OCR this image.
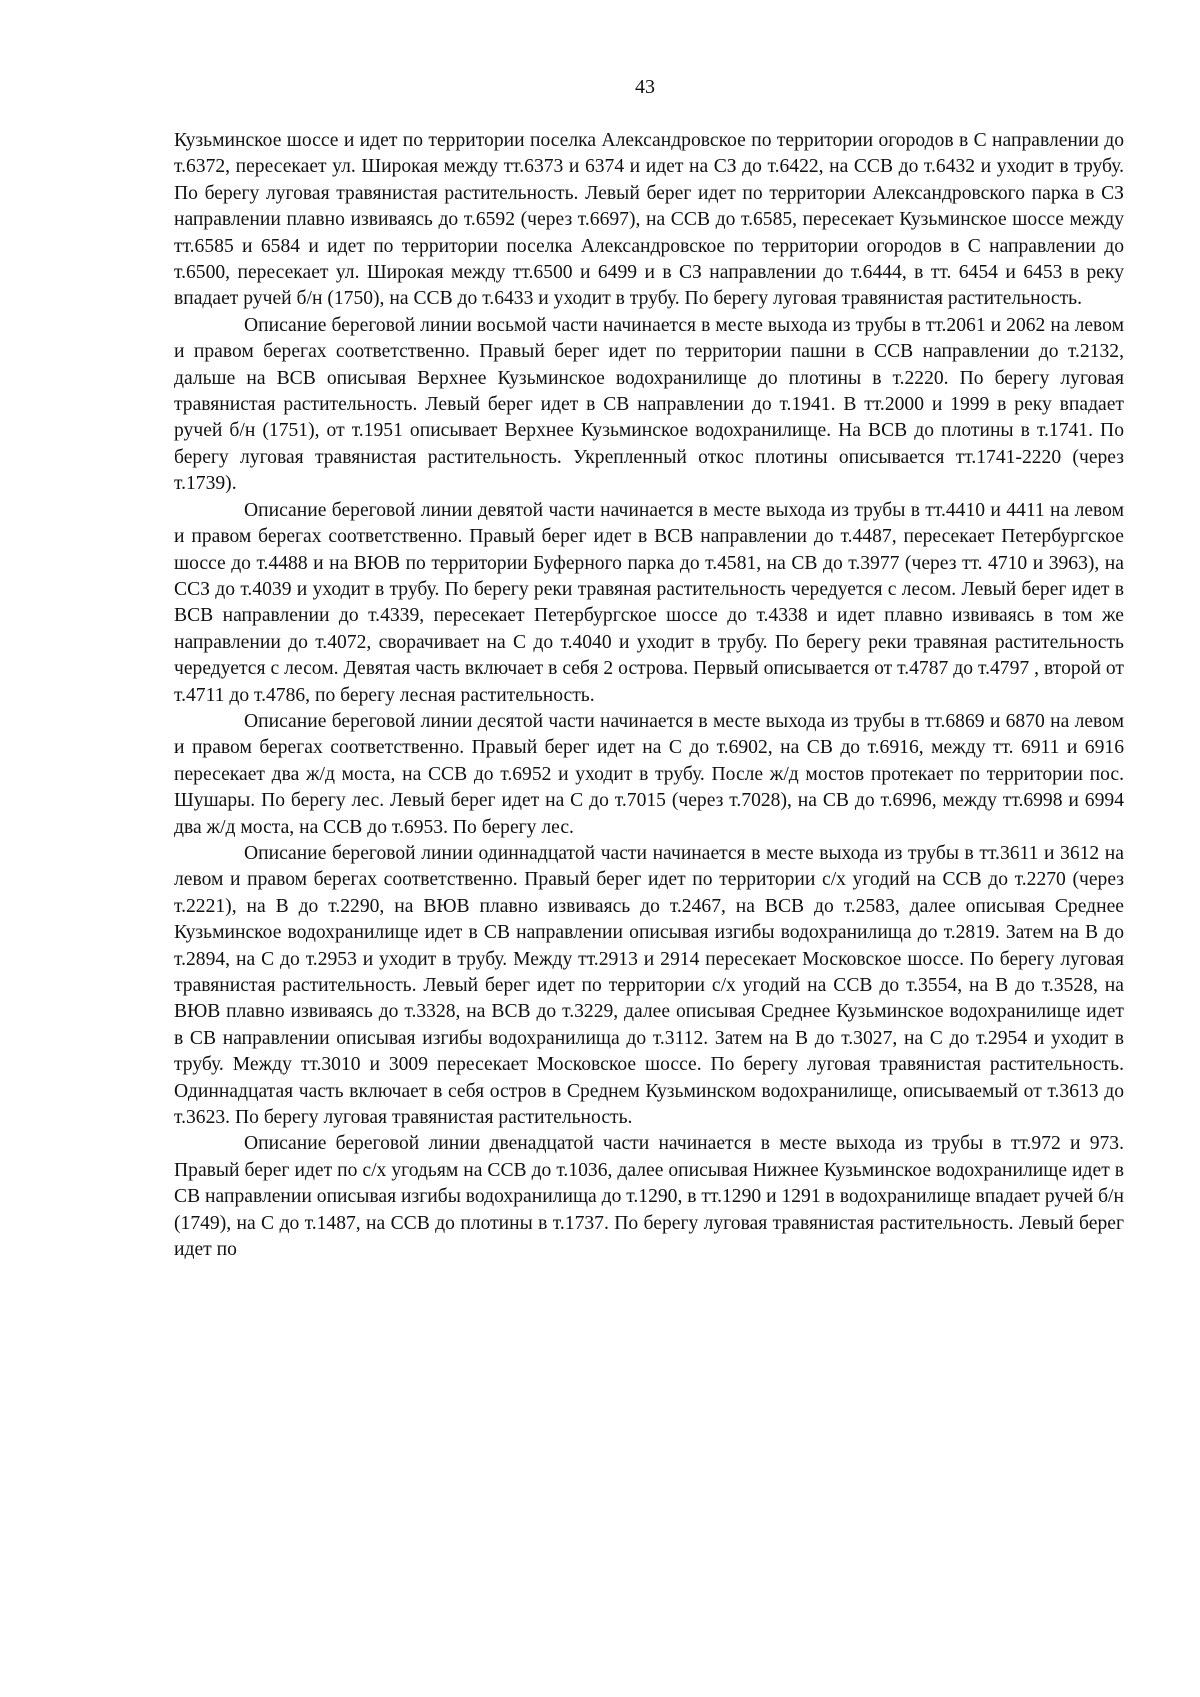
43

Кузьминское шоссе и идет по территории поселка Александровское по территории огородов в С направлении до т.6372, пересекает ул. Широкая между тт.6373 и 6374 и идет на СЗ до т.6422, на ССВ до т.6432 и уходит в трубу. По берегу луговая травянистая растительность. Левый берег идет по территории Александровского парка в СЗ направлении плавно извиваясь до т.6592 (через т.6697), на ССВ до т.6585, пересекает Кузьминское шоссе между тт.6585 и 6584 и идет по территории поселка Александровское по территории огородов в С направлении до т.6500, пересекает ул. Широкая между тт.6500 и 6499 и в СЗ направлении до т.6444, в тт. 6454 и 6453 в реку впадает ручей б/н (1750), на ССВ до т.6433 и уходит в трубу. По берегу луговая травянистая растительность.

Описание береговой линии восьмой части начинается в месте выхода из трубы в тт.2061 и 2062 на левом и правом берегах соответственно. Правый берег идет по территории пашни в ССВ направлении до т.2132, дальше на ВСВ описывая Верхнее Кузьминское водохранилище до плотины в т.2220. По берегу луговая травянистая растительность. Левый берег идет в СВ направлении до т.1941. В тт.2000 и 1999 в реку впадает ручей б/н (1751), от т.1951 описывает Верхнее Кузьминское водохранилище. На ВСВ до плотины в т.1741. По берегу луговая травянистая растительность. Укрепленный откос плотины описывается тт.1741-2220 (через т.1739).

Описание береговой линии девятой части начинается в месте выхода из трубы в тт.4410 и 4411 на левом и правом берегах соответственно. Правый берег идет в ВСВ направлении до т.4487, пересекает Петербургское шоссе до т.4488 и на ВЮВ по территории Буферного парка до т.4581, на СВ до т.3977 (через тт. 4710 и 3963), на ССЗ до т.4039 и уходит в трубу. По берегу реки травяная растительность чередуется с лесом. Левый берег идет в ВСВ направлении до т.4339, пересекает Петербургское шоссе до т.4338 и идет плавно извиваясь в том же направлении до т.4072, сворачивает на С до т.4040 и уходит в трубу. По берегу реки травяная растительность чередуется с лесом. Девятая часть включает в себя 2 острова. Первый описывается от т.4787 до т.4797 , второй от т.4711 до т.4786, по берегу лесная растительность.

Описание береговой линии десятой части начинается в месте выхода из трубы в тт.6869 и 6870 на левом и правом берегах соответственно. Правый берег идет на С до т.6902, на СВ до т.6916, между тт. 6911 и 6916 пересекает два ж/д моста, на ССВ до т.6952 и уходит в трубу. После ж/д мостов протекает по территории пос. Шушары. По берегу лес. Левый берег идет на С до т.7015 (через т.7028), на СВ до т.6996, между тт.6998 и 6994 два ж/д моста, на ССВ до т.6953. По берегу лес.

Описание береговой линии одиннадцатой части начинается в месте выхода из трубы в тт.3611 и 3612 на левом и правом берегах соответственно. Правый берег идет по территории с/х угодий на ССВ до т.2270 (через т.2221), на В до т.2290, на ВЮВ плавно извиваясь до т.2467, на ВСВ до т.2583, далее описывая Среднее Кузьминское водохранилище идет в СВ направлении описывая изгибы водохранилища до т.2819. Затем на В до т.2894, на С до т.2953 и уходит в трубу. Между тт.2913 и 2914 пересекает Московское шоссе. По берегу луговая травянистая растительность. Левый берег идет по территории с/х угодий на ССВ до т.3554, на В до т.3528, на ВЮВ плавно извиваясь до т.3328, на ВСВ до т.3229, далее описывая Среднее Кузьминское водохранилище идет в СВ направлении описывая изгибы водохранилища до т.3112. Затем на В до т.3027, на С до т.2954 и уходит в трубу. Между тт.3010 и 3009 пересекает Московское шоссе. По берегу луговая травянистая растительность. Одиннадцатая часть включает в себя остров в Среднем Кузьминском водохранилище, описываемый от т.3613 до т.3623. По берегу луговая травянистая растительность.

Описание береговой линии двенадцатой части начинается в месте выхода из трубы в тт.972 и 973. Правый берег идет по с/х угодьям на ССВ до т.1036, далее описывая Нижнее Кузьминское водохранилище идет в СВ направлении описывая изгибы водохранилища до т.1290, в тт.1290 и 1291 в водохранилище впадает ручей б/н (1749), на С до т.1487, на ССВ до плотины в т.1737. По берегу луговая травянистая растительность. Левый берег идет по
